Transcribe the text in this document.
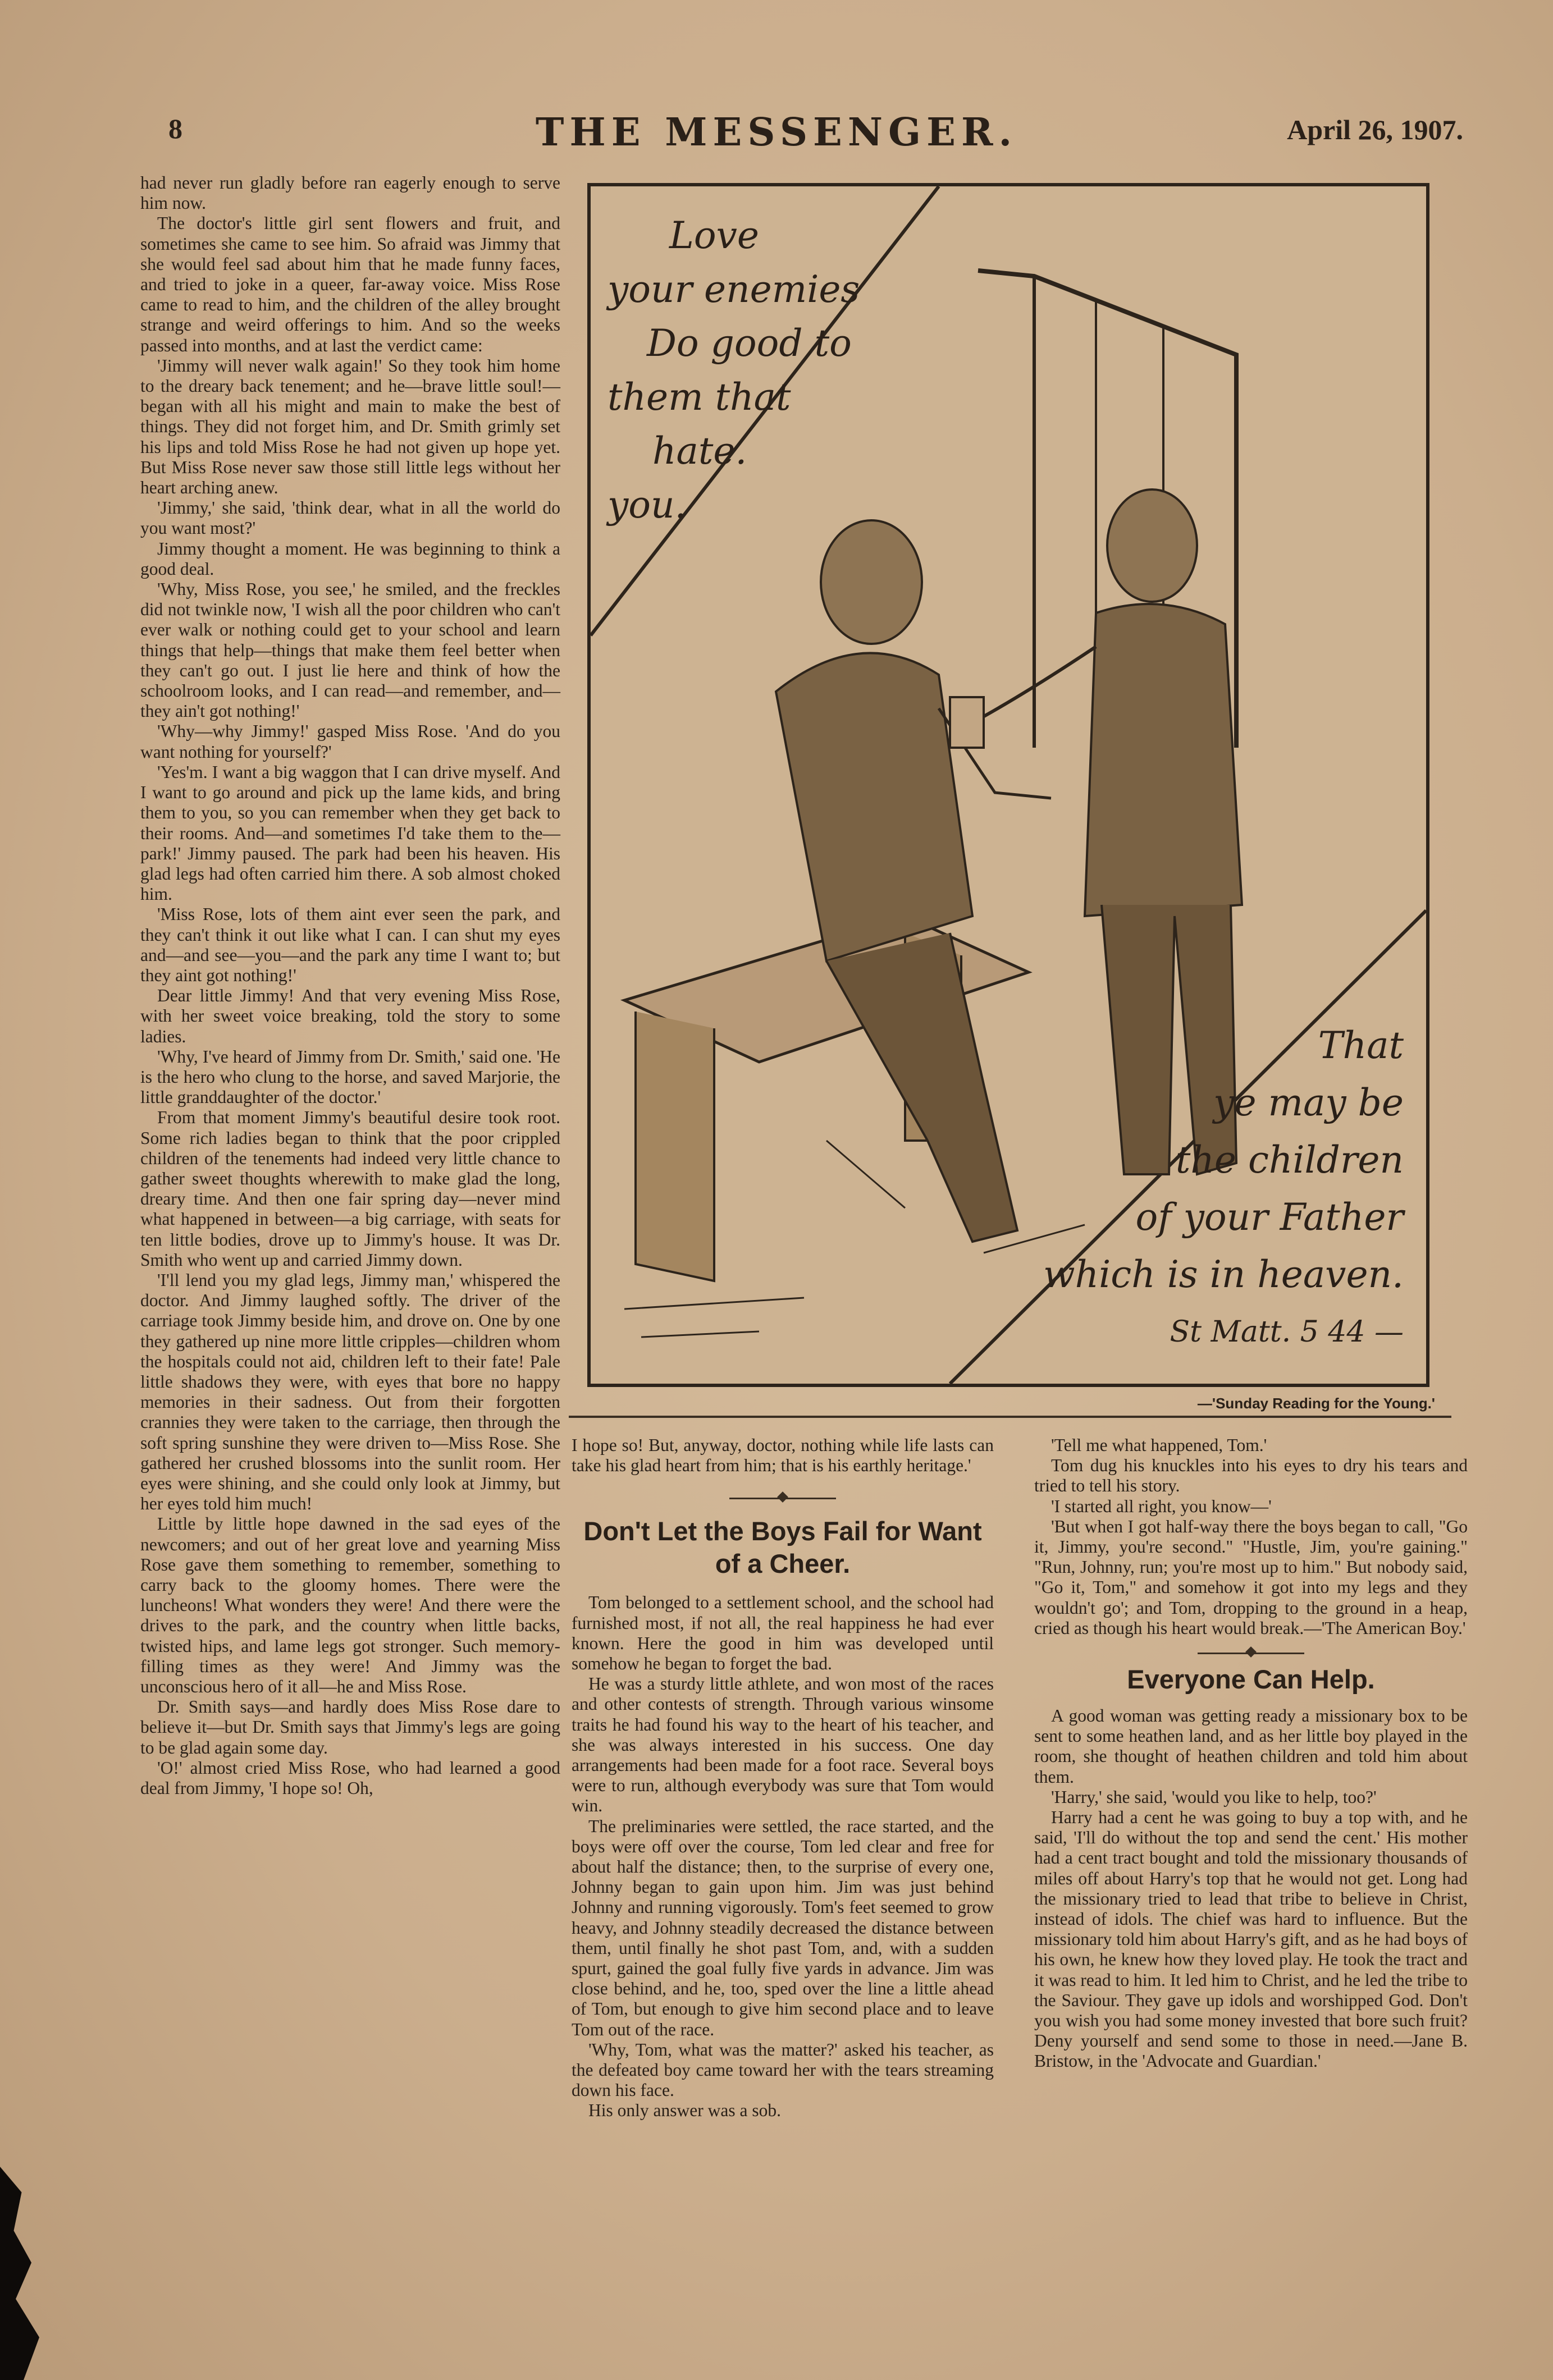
8	THE MESSENGER.	April 26, 1907.

had never run gladly before ran eagerly enough to serve him now.

The doctor's little girl sent flowers and fruit, and sometimes she came to see him. So afraid was Jimmy that she would feel sad about him that he made funny faces, and tried to joke in a queer, far-away voice. Miss Rose came to read to him, and the children of the alley brought strange and weird offerings to him. And so the weeks passed into months, and at last the verdict came:

'Jimmy will never walk again!' So they took him home to the dreary back tenement; and he—brave little soul!—began with all his might and main to make the best of things. They did not forget him, and Dr. Smith grimly set his lips and told Miss Rose he had not given up hope yet. But Miss Rose never saw those still little legs without her heart arching anew.

'Jimmy,' she said, 'think dear, what in all the world do you want most?'

Jimmy thought a moment. He was beginning to think a good deal.

'Why, Miss Rose, you see,' he smiled, and the freckles did not twinkle now, 'I wish all the poor children who can't ever walk or nothing could get to your school and learn things that help—things that make them feel better when they can't go out. I just lie here and think of how the schoolroom looks, and I can read—and remember, and—they ain't got nothing!'

'Why—why Jimmy!' gasped Miss Rose. 'And do you want nothing for yourself?'

'Yes'm. I want a big waggon that I can drive myself. And I want to go around and pick up the lame kids, and bring them to you, so you can remember when they get back to their rooms. And—and sometimes I'd take them to the—park!' Jimmy paused. The park had been his heaven. His glad legs had often carried him there. A sob almost choked him.

'Miss Rose, lots of them aint ever seen the park, and they can't think it out like what I can. I can shut my eyes and—and see—you—and the park any time I want to; but they aint got nothing!'

Dear little Jimmy! And that very evening Miss Rose, with her sweet voice breaking, told the story to some ladies.

'Why, I've heard of Jimmy from Dr. Smith,' said one. 'He is the hero who clung to the horse, and saved Marjorie, the little granddaughter of the doctor.'

From that moment Jimmy's beautiful desire took root. Some rich ladies began to think that the poor crippled children of the tenements had indeed very little chance to gather sweet thoughts wherewith to make glad the long, dreary time. And then one fair spring day—never mind what happened in between—a big carriage, with seats for ten little bodies, drove up to Jimmy's house. It was Dr. Smith who went up and carried Jimmy down.

'I'll lend you my glad legs, Jimmy man,' whispered the doctor. And Jimmy laughed softly. The driver of the carriage took Jimmy beside him, and drove on. One by one they gathered up nine more little cripples—children whom the hospitals could not aid, children left to their fate! Pale little shadows they were, with eyes that bore no happy memories in their sadness. Out from their forgotten crannies they were taken to the carriage, then through the soft spring sunshine they were driven to—Miss Rose. She gathered her crushed blossoms into the sunlit room. Her eyes were shining, and she could only look at Jimmy, but her eyes told him much!

Little by little hope dawned in the sad eyes of the newcomers; and out of her great love and yearning Miss Rose gave them something to remember, something to carry back to the gloomy homes. There were the luncheons! What wonders they were! And there were the drives to the park, and the country when little backs, twisted hips, and lame legs got stronger. Such memory-filling times as they were! And Jimmy was the unconscious hero of it all—he and Miss Rose.

Dr. Smith says—and hardly does Miss Rose dare to believe it—but Dr. Smith says that Jimmy's legs are going to be glad again some day.

'O!' almost cried Miss Rose, who had learned a good deal from Jimmy, 'I hope so! Oh,

Love
your enemies
Do good to
them that
hate.
you.
That
ye may be
the children
of your Father
which is in heaven.
St Matt. 5 44 —
—'Sunday Reading for the Young.'

I hope so! But, anyway, doctor, nothing while life lasts can take his glad heart from him; that is his earthly heritage.'

Don't Let the Boys Fail for Want of a Cheer.

Tom belonged to a settlement school, and the school had furnished most, if not all, the real happiness he had ever known. Here the good in him was developed until somehow he began to forget the bad.

He was a sturdy little athlete, and won most of the races and other contests of strength. Through various winsome traits he had found his way to the heart of his teacher, and she was always interested in his success. One day arrangements had been made for a foot race. Several boys were to run, although everybody was sure that Tom would win.

The preliminaries were settled, the race started, and the boys were off over the course, Tom led clear and free for about half the distance; then, to the surprise of every one, Johnny began to gain upon him. Jim was just behind Johnny and running vigorously. Tom's feet seemed to grow heavy, and Johnny steadily decreased the distance between them, until finally he shot past Tom, and, with a sudden spurt, gained the goal fully five yards in advance. Jim was close behind, and he, too, sped over the line a little ahead of Tom, but enough to give him second place and to leave Tom out of the race.

'Why, Tom, what was the matter?' asked his teacher, as the defeated boy came toward her with the tears streaming down his face.

His only answer was a sob.

'Tell me what happened, Tom.'

Tom dug his knuckles into his eyes to dry his tears and tried to tell his story.

'I started all right, you know—'

'But when I got half-way there the boys began to call, "Go it, Jimmy, you're second." "Hustle, Jim, you're gaining." "Run, Johnny, run; you're most up to him." But nobody said, "Go it, Tom," and somehow it got into my legs and they wouldn't go'; and Tom, dropping to the ground in a heap, cried as though his heart would break.—'The American Boy.'

Everyone Can Help.

A good woman was getting ready a missionary box to be sent to some heathen land, and as her little boy played in the room, she thought of heathen children and told him about them.

'Harry,' she said, 'would you like to help, too?'

Harry had a cent he was going to buy a top with, and he said, 'I'll do without the top and send the cent.' His mother had a cent tract bought and told the missionary thousands of miles off about Harry's top that he would not get. Long had the missionary tried to lead that tribe to believe in Christ, instead of idols. The chief was hard to influence. But the missionary told him about Harry's gift, and as he had boys of his own, he knew how they loved play. He took the tract and it was read to him. It led him to Christ, and he led the tribe to the Saviour. They gave up idols and worshipped God. Don't you wish you had some money invested that bore such fruit? Deny yourself and send some to those in need.—Jane B. Bristow, in the 'Advocate and Guardian.'
